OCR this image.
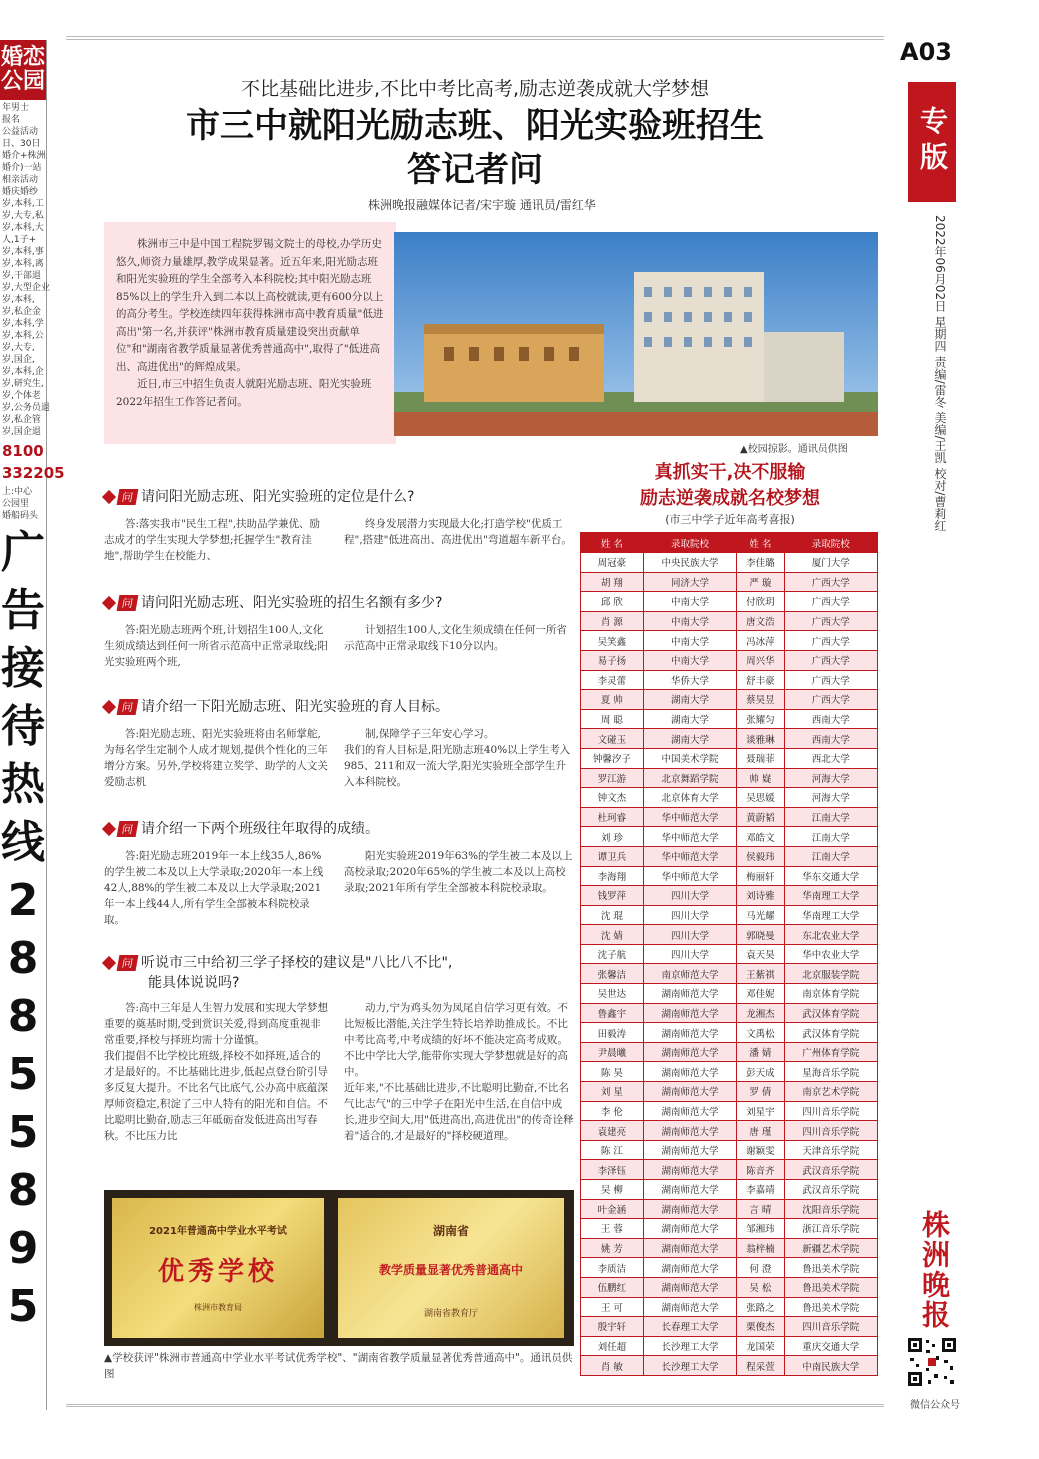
婚恋公园
年男士
报名
公益活动
日、30日
婚介+株洲
婚介)一站
相亲活动
婚庆婚纱
岁,本科,工
岁,大专,私
岁,本科,大
人,1子+
岁,本科,事
岁,本科,离
岁,干部退
岁,大型企业
岁,本科,
岁,私企金
岁,本科,学
岁,本科,公
岁,大专,
岁,国企,
岁,本科,企
岁,研究生,
岁,个体老
岁,公务员退
岁,私企管
岁,国企退
8100
332205
上:中心
公园里
婚船码头
广
告
接
待
热
线
2
8
8
5
5
8
9
5
A03
专版
2022年06月02日 星期四 责编/雷冬 美编/王凯 校对/曹莉红
不比基础比进步,不比中考比高考,励志逆袭成就大学梦想
市三中就阳光励志班、阳光实验班招生
答记者问
株洲晚报融媒体记者/宋宇璇 通讯员/雷红华

株洲市三中是中国工程院罗锡文院士的母校,办学历史悠久,师资力量雄厚,教学成果显著。近五年来,阳光励志班和阳光实验班的学生全部考入本科院校;其中阳光励志班85%以上的学生升入到二本以上高校就读,更有600分以上的高分考生。学校连续四年获得株洲市高中教育质量"低进高出"第一名,并获评"株洲市教育质量建设突出贡献单位"和"湖南省教学质量显著优秀普通高中",取得了"低进高出、高进优出"的辉煌成果。

近日,市三中招生负责人就阳光励志班、阳光实验班2022年招生工作答记者问。

▲校园掠影。通讯员供图
问 请问阳光励志班、阳光实验班的定位是什么?
答:落实我市"民生工程",扶助品学兼优、励志成才的学生实现大学梦想;托握学生"教育洼地",帮助学生在校能力、
终身发展潜力实现最大化;打造学校"优质工程",搭建"低进高出、高进优出"弯道超车新平台。
问 请问阳光励志班、阳光实验班的招生名额有多少?
答:阳光励志班两个班,计划招生100人,文化生须成绩达到任何一所省示范高中正常录取线;阳光实验班两个班,
计划招生100人,文化生须成绩在任何一所省示范高中正常录取线下10分以内。
问 请介绍一下阳光励志班、阳光实验班的育人目标。
答:阳光励志班、阳光实验班将由名师掌舵,为每名学生定制个人成才规划,提供个性化的三年增分方案。另外,学校将建立奖学、助学的人文关爱励志机
制,保障学子三年安心学习。
我们的育人目标是,阳光励志班40%以上学生考入985、211和双一流大学,阳光实验班全部学生升入本科院校。
问 请介绍一下两个班级往年取得的成绩。
答:阳光励志班2019年一本上线35人,86%的学生被二本及以上大学录取;2020年一本上线42人,88%的学生被二本及以上大学录取;2021年一本上线44人,所有学生全部被本科院校录取。
阳光实验班2019年63%的学生被二本及以上高校录取;2020年65%的学生被二本及以上高校录取;2021年所有学生全部被本科院校录取。
问 听说市三中给初三学子择校的建议是"八比八不比",
能具体说说吗?
答:高中三年是人生智力发展和实现大学梦想重要的奠基时期,受到赏识关爱,得到高度重视非常重要,择校与择班均需十分谨慎。
我们提倡不比学校比班级,择校不如择班,适合的才是最好的。不比基础比进步,低起点登台阶引导多反复大提升。不比名气比底气,公办高中底蕴深厚师资稳定,积淀了三中人特有的阳光和自信。不比聪明比勤奋,励志三年砥砺奋发低进高出写春秋。不比压力比
动力,宁为鸡头勿为凤尾自信学习更有效。不比短板比潜能,关注学生特长培养助推成长。不比中考比高考,中考成绩的好坏不能决定高考成败。不比中学比大学,能带你实现大学梦想就是好的高中。
近年来,"不比基础比进步,不比聪明比勤奋,不比名气比志气"的三中学子在阳光中生活,在自信中成长,进步空间大,用"低进高出,高进优出"的传奇诠释着"适合的,才是最好的"择校硬道理。
2021年普通高中学业水平考试
优秀学校
株洲市教育局
湖南省
教学质量显著优秀普通高中
湖南省教育厅
▲学校获评"株洲市普通高中学业水平考试优秀学校"、"湖南省教学质量显著优秀普通高中"。通讯员供图
真抓实干,决不服输
励志逆袭成就名校梦想
(市三中学子近年高考喜报)
姓 名	录取院校	姓 名	录取院校
周冠豪	中央民族大学	李佳璐	厦门大学
胡 翔	同济大学	严 璇	广西大学
邱 欣	中南大学	付欣玥	广西大学
肖 源	中南大学	唐文浩	广西大学
吴笑鑫	中南大学	冯冰萍	广西大学
易子扬	中南大学	周兴华	广西大学
李灵蕾	华侨大学	舒丰豪	广西大学
夏 帅	湖南大学	蔡昊昱	广西大学
周 聪	湖南大学	张耀匀	西南大学
文碰玉	湖南大学	谈雅琳	西南大学
钟馨汐子	中国美术学院	聂瑞菲	西北大学
罗江游	北京舞蹈学院	帅 嶷	河海大学
钟文杰	北京体育大学	吴思媛	河海大学
杜珂睿	华中师范大学	黄蔚韬	江南大学
刘 珍	华中师范大学	邓皓文	江南大学
谭卫兵	华中师范大学	侯毅玮	江南大学
李海翔	华中师范大学	梅丽轩	华东交通大学
钱罗萍	四川大学	刘诗雅	华南理工大学
沈 琨	四川大学	马光耀	华南理工大学
沈 婧	四川大学	郭晓曼	东北农业大学
沈子航	四川大学	袁天昊	华中农业大学
张馨洁	南京师范大学	王紫祺	北京服装学院
吴世达	湖南师范大学	邓佳妮	南京体育学院
鲁鑫宇	湖南师范大学	龙湘杰	武汉体育学院
田毅涛	湖南师范大学	文禹松	武汉体育学院
尹晨曦	湖南师范大学	潘 婧	广州体育学院
陈 昊	湖南师范大学	彭天成	星海音乐学院
刘 星	湖南师范大学	罗 倩	南京艺术学院
李 伦	湖南师范大学	刘星宇	四川音乐学院
袁建亮	湖南师范大学	唐 瑾	四川音乐学院
陈 江	湖南师范大学	谢颖雯	天津音乐学院
李泽钰	湖南师范大学	陈音齐	武汉音乐学院
吴 柳	湖南师范大学	李嘉靖	武汉音乐学院
叶金涵	湖南师范大学	言 晴	沈阳音乐学院
王 蓉	湖南师范大学	邹湘玮	浙江音乐学院
姚 芳	湖南师范大学	翁梓楠	新疆艺术学院
李质洁	湖南师范大学	何 澄	鲁迅美术学院
伍鹏红	湖南师范大学	吴 松	鲁迅美术学院
王 可	湖南师范大学	张路之	鲁迅美术学院
殷宇轩	长春理工大学	栗俊杰	四川音乐学院
刘任超	长沙理工大学	龙国荣	重庆交通大学
肖 敏	长沙理工大学	程采萱	中南民族大学
株洲晚报
微信公众号
